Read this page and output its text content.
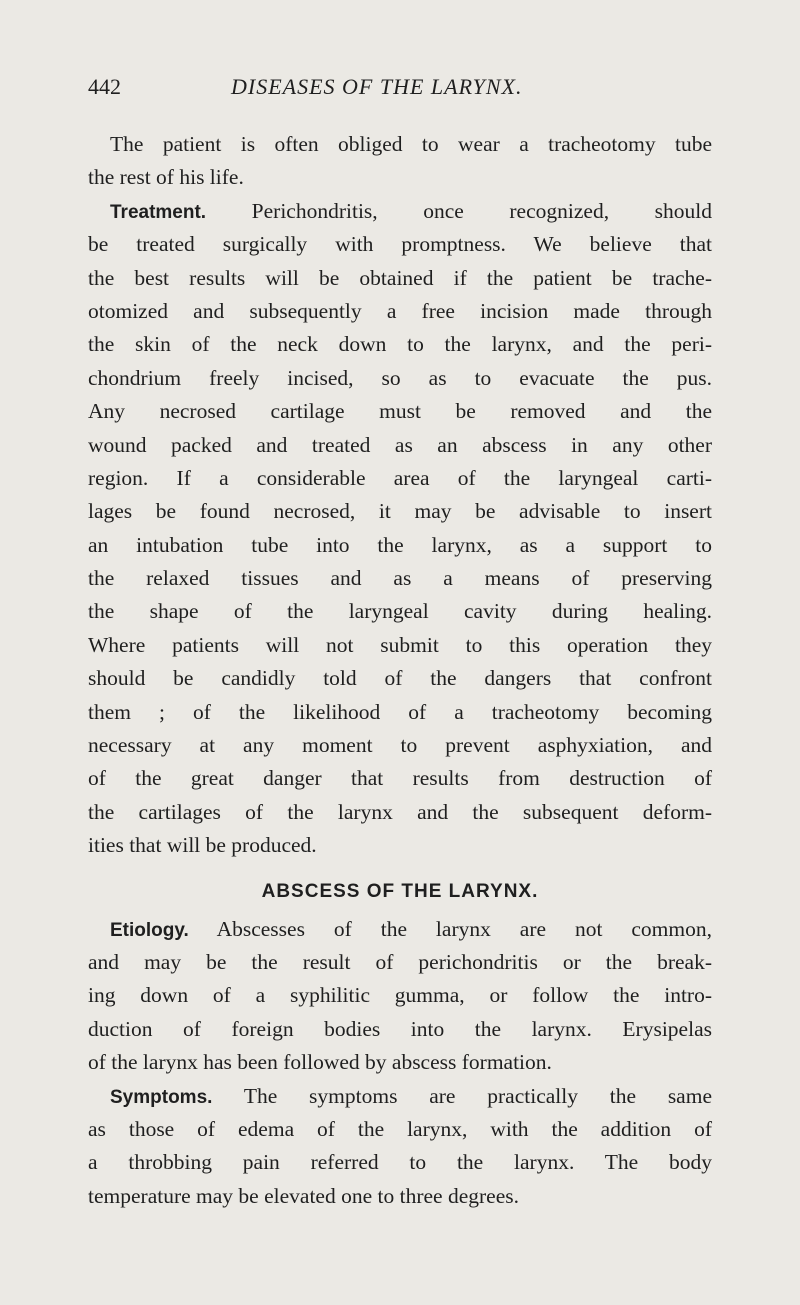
442	DISEASES OF THE LARYNX.
The patient is often obliged to wear a tracheotomy tube
the rest of his life.
Treatment. Perichondritis, once recognized, should
be treated surgically with promptness. We believe that
the best results will be obtained if the patient be trache-
otomized and subsequently a free incision made through
the skin of the neck down to the larynx, and the peri-
chondrium freely incised, so as to evacuate the pus.
Any necrosed cartilage must be removed and the
wound packed and treated as an abscess in any other
region. If a considerable area of the laryngeal carti-
lages be found necrosed, it may be advisable to insert
an intubation tube into the larynx, as a support to
the relaxed tissues and as a means of preserving
the shape of the laryngeal cavity during healing.
Where patients will not submit to this operation they
should be candidly told of the dangers that confront
them ; of the likelihood of a tracheotomy becoming
necessary at any moment to prevent asphyxiation, and
of the great danger that results from destruction of
the cartilages of the larynx and the subsequent deform-
ities that will be produced.
ABSCESS OF THE LARYNX.
Etiology. Abscesses of the larynx are not common,
and may be the result of perichondritis or the break-
ing down of a syphilitic gumma, or follow the intro-
duction of foreign bodies into the larynx. Erysipelas
of the larynx has been followed by abscess formation.
Symptoms. The symptoms are practically the same
as those of edema of the larynx, with the addition of
a throbbing pain referred to the larynx. The body
temperature may be elevated one to three degrees.
